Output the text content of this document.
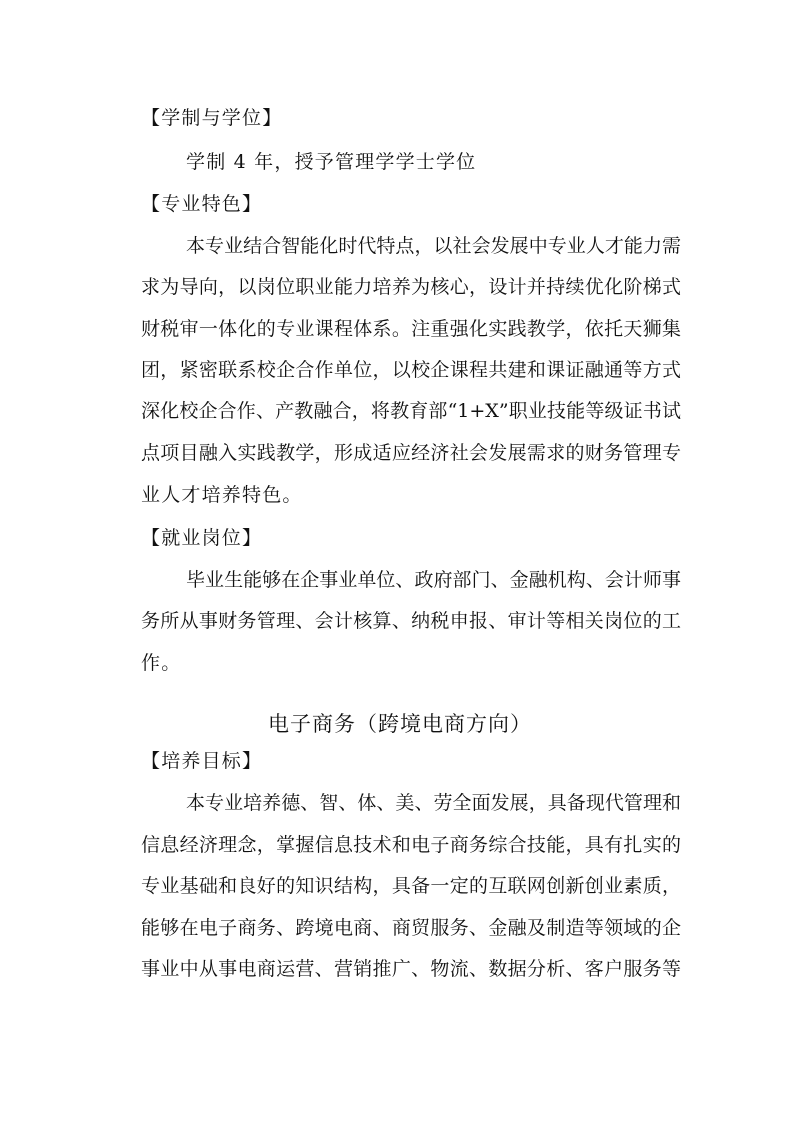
【学制与学位】
学制 4 年，授予管理学学士学位
【专业特色】
本专业结合智能化时代特点，以社会发展中专业人才能力需
求为导向，以岗位职业能力培养为核心，设计并持续优化阶梯式
财税审一体化的专业课程体系。注重强化实践教学，依托天狮集
团，紧密联系校企合作单位，以校企课程共建和课证融通等方式
深化校企合作、产教融合，将教育部“1+X”职业技能等级证书试
点项目融入实践教学，形成适应经济社会发展需求的财务管理专
业人才培养特色。
【就业岗位】
毕业生能够在企事业单位、政府部门、金融机构、会计师事
务所从事财务管理、会计核算、纳税申报、审计等相关岗位的工
作。
电子商务（跨境电商方向）
【培养目标】
本专业培养德、智、体、美、劳全面发展，具备现代管理和
信息经济理念，掌握信息技术和电子商务综合技能，具有扎实的
专业基础和良好的知识结构，具备一定的互联网创新创业素质，
能够在电子商务、跨境电商、商贸服务、金融及制造等领域的企
事业中从事电商运营、营销推广、物流、数据分析、客户服务等
